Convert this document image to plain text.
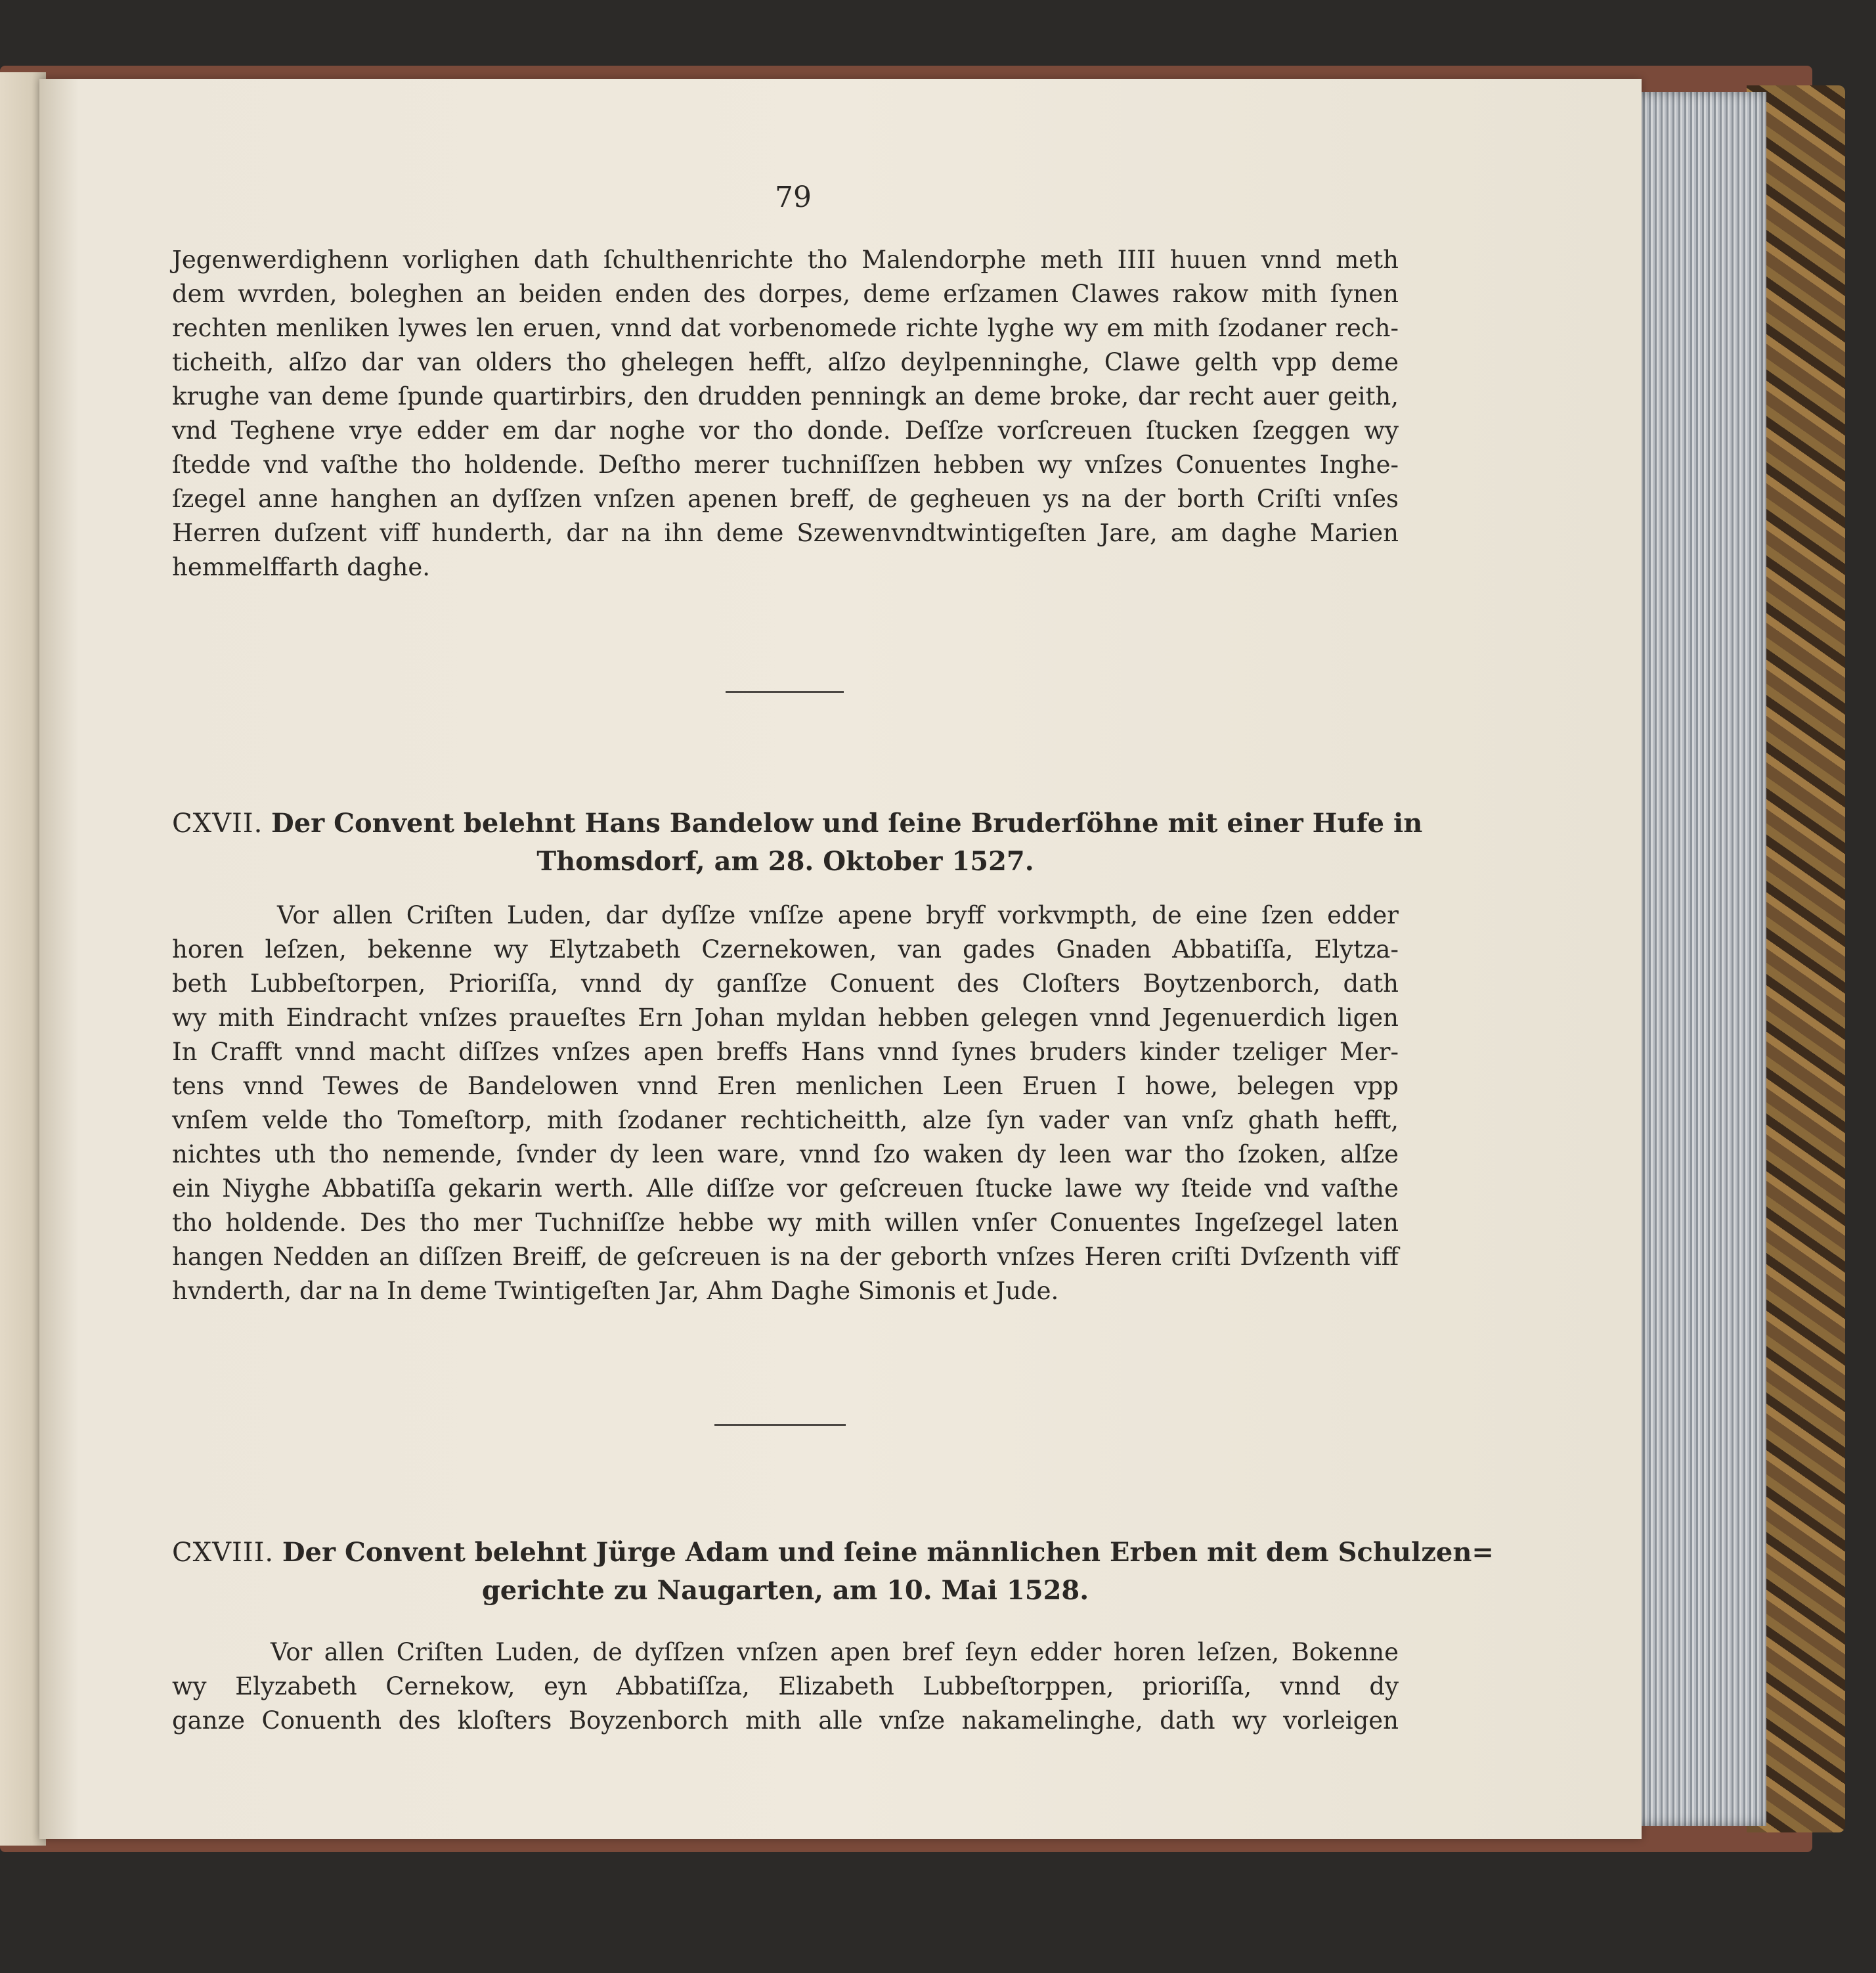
79
Jegenwerdighenn vorlighen dath ſchulthenrichte tho Malendorphe meth IIII huuen vnnd meth
dem wvrden, boleghen an beiden enden des dorpes, deme erſzamen Clawes rakow mith ſynen
rechten menliken lywes len eruen, vnnd dat vorbenomede richte lyghe wy em mith ſzodaner rech-
ticheith, alſzo dar van olders tho ghelegen hefft, alſzo deylpenninghe, Clawe gelth vpp deme
krughe van deme ſpunde quartirbirs, den drudden penningk an deme broke, dar recht auer geith,
vnd Teghene vrye edder em dar noghe vor tho donde. Deſſze vorſcreuen ſtucken ſzeggen wy
ſtedde vnd vaſthe tho holdende. Deſtho merer tuchniſſzen hebben wy vnſzes Conuentes Inghe-
ſzegel anne hanghen an dyſſzen vnſzen apenen breff, de gegheuen ys na der borth Criſti vnſes
Herren duſzent viff hunderth, dar na ihn deme Szewenvndtwintigeſten Jare, am daghe Marien
hemmelffarth daghe.
CXVII. Der Convent belehnt Hans Bandelow und ſeine Bruderſöhne mit einer Hufe in
Thomsdorf, am 28. Oktober 1527.
Vor allen Criſten Luden, dar dyſſze vnſſze apene bryff vorkvmpth, de eine ſzen edder
horen leſzen, bekenne wy Elytzabeth Czernekowen, van gades Gnaden Abbatiſſa, Elytza-
beth Lubbeſtorpen, Prioriſſa, vnnd dy ganſſze Conuent des Cloſters Boytzenborch, dath
wy mith Eindracht vnſzes praueſtes Ern Johan myldan hebben gelegen vnnd Jegenuerdich ligen
In Crafft vnnd macht diſſzes vnſzes apen breffs Hans vnnd ſynes bruders kinder tzeliger Mer-
tens vnnd Tewes de Bandelowen vnnd Eren menlichen Leen Eruen I howe, belegen vpp
vnſem velde tho Tomeſtorp, mith ſzodaner rechticheitth, alze ſyn vader van vnſz ghath hefft,
nichtes uth tho nemende, ſvnder dy leen ware, vnnd ſzo waken dy leen war tho ſzoken, alſze
ein Niyghe Abbatiſſa gekarin werth. Alle diſſze vor geſcreuen ſtucke lawe wy ſteide vnd vaſthe
tho holdende. Des tho mer Tuchniſſze hebbe wy mith willen vnſer Conuentes Ingeſzegel laten
hangen Nedden an diſſzen Breiff, de geſcreuen is na der geborth vnſzes Heren criſti Dvſzenth viff
hvnderth, dar na In deme Twintigeſten Jar, Ahm Daghe Simonis et Jude.
CXVIII. Der Convent belehnt Jürge Adam und ſeine männlichen Erben mit dem Schulzen=
gerichte zu Naugarten, am 10. Mai 1528.
Vor allen Criſten Luden, de dyſſzen vnſzen apen bref ſeyn edder horen leſzen, Bokenne
wy Elyzabeth Cernekow, eyn Abbatiſſza, Elizabeth Lubbeſtorppen, prioriſſa, vnnd dy
ganze Conuenth des kloſters Boyzenborch mith alle vnſze nakamelinghe, dath wy vorleigen
